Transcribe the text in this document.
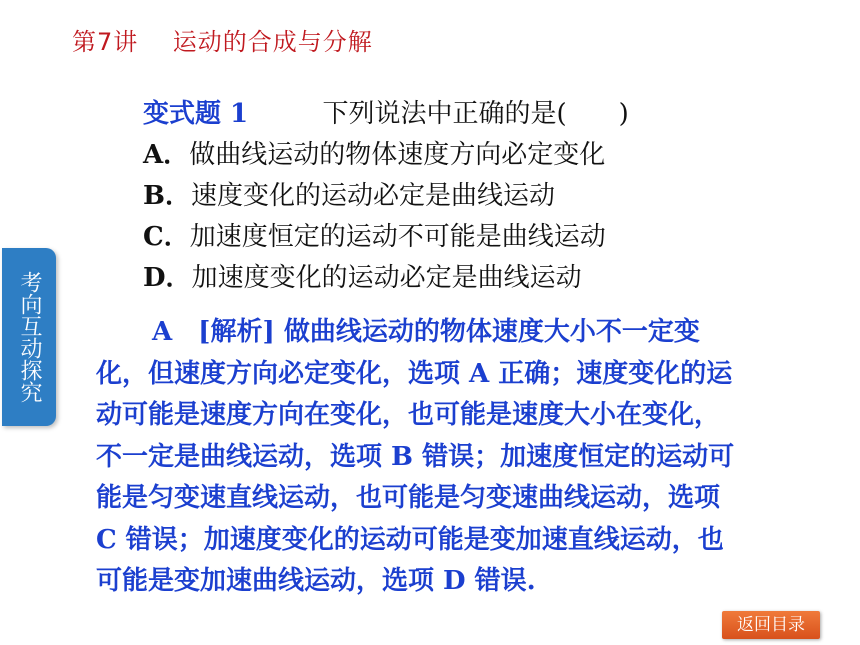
第7讲    运动的合成与分解
考向互动探究
变式题 1         下列说法中正确的是(　　)
A．做曲线运动的物体速度方向必定变化
B．速度变化的运动必定是曲线运动
C．加速度恒定的运动不可能是曲线运动
D．加速度变化的运动必定是曲线运动
A　[解析] 做曲线运动的物体速度大小不一定变
化，但速度方向必定变化，选项 A 正确；速度变化的运
动可能是速度方向在变化，也可能是速度大小在变化，
不一定是曲线运动，选项 B 错误；加速度恒定的运动可
能是匀变速直线运动，也可能是匀变速曲线运动，选项
C 错误；加速度变化的运动可能是变加速直线运动，也
可能是变加速曲线运动，选项 D 错误.
返回目录
